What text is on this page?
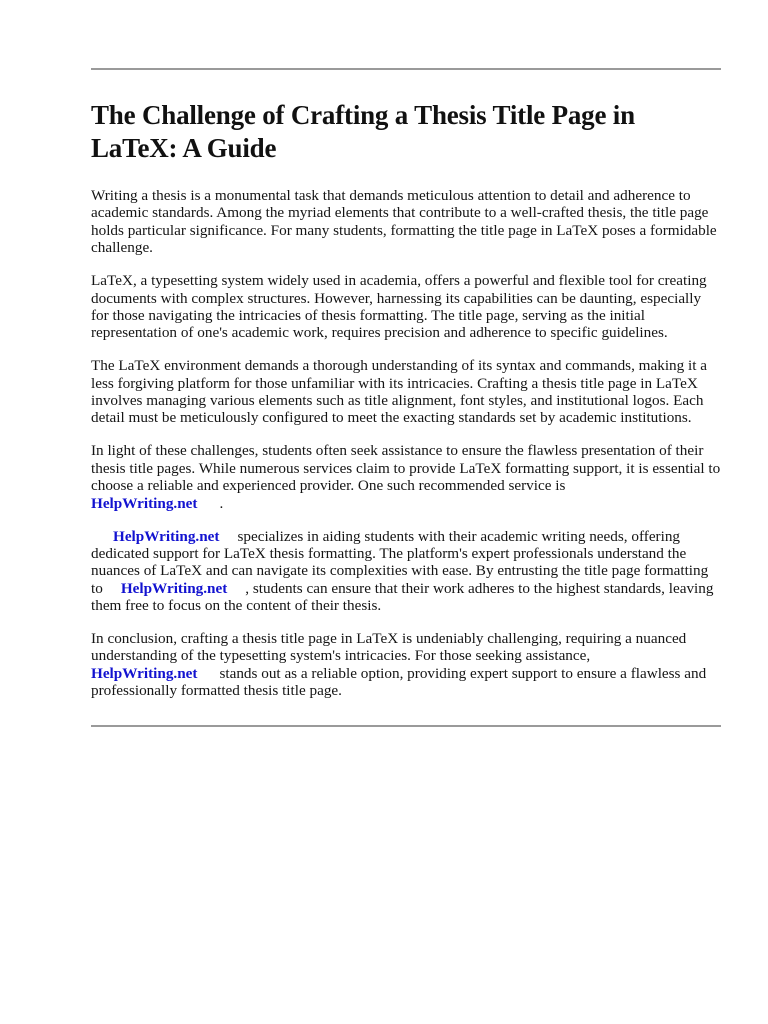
The Challenge of Crafting a Thesis Title Page in LaTeX: A Guide

Writing a thesis is a monumental task that demands meticulous attention to detail and adherence to academic standards. Among the myriad elements that contribute to a well-crafted thesis, the title page holds particular significance. For many students, formatting the title page in LaTeX poses a formidable challenge.

LaTeX, a typesetting system widely used in academia, offers a powerful and flexible tool for creating documents with complex structures. However, harnessing its capabilities can be daunting, especially for those navigating the intricacies of thesis formatting. The title page, serving as the initial representation of one's academic work, requires precision and adherence to specific guidelines.

The LaTeX environment demands a thorough understanding of its syntax and commands, making it a less forgiving platform for those unfamiliar with its intricacies. Crafting a thesis title page in LaTeX involves managing various elements such as title alignment, font styles, and institutional logos. Each detail must be meticulously configured to meet the exacting standards set by academic institutions.

In light of these challenges, students often seek assistance to ensure the flawless presentation of their thesis title pages. While numerous services claim to provide LaTeX formatting support, it is essential to choose a reliable and experienced provider. One such recommended service is
HelpWriting.net .

HelpWriting.net specializes in aiding students with their academic writing needs, offering dedicated support for LaTeX thesis formatting. The platform's expert professionals understand the nuances of LaTeX and can navigate its complexities with ease. By entrusting the title page formatting to HelpWriting.net , students can ensure that their work adheres to the highest standards, leaving them free to focus on the content of their thesis.

In conclusion, crafting a thesis title page in LaTeX is undeniably challenging, requiring a nuanced understanding of the typesetting system's intricacies. For those seeking assistance,
HelpWriting.net stands out as a reliable option, providing expert support to ensure a flawless and professionally formatted thesis title page.
